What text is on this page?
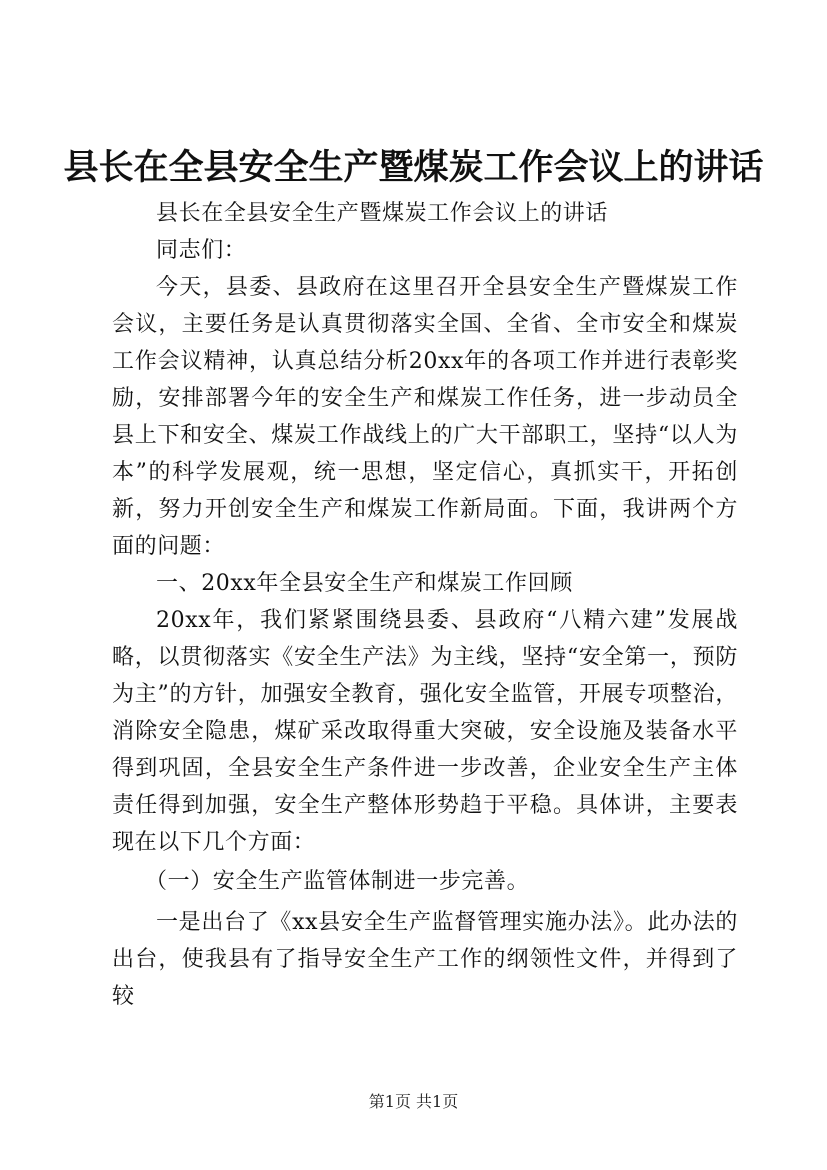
县长在全县安全生产暨煤炭工作会议上的讲话

县长在全县安全生产暨煤炭工作会议上的讲话

同志们：

今天，县委、县政府在这里召开全县安全生产暨煤炭工作会议，主要任务是认真贯彻落实全国、全省、全市安全和煤炭工作会议精神，认真总结分析20xx年的各项工作并进行表彰奖励，安排部署今年的安全生产和煤炭工作任务，进一步动员全县上下和安全、煤炭工作战线上的广大干部职工，坚持“以人为本”的科学发展观，统一思想，坚定信心，真抓实干，开拓创新，努力开创安全生产和煤炭工作新局面。下面，我讲两个方面的问题：

一、20xx年全县安全生产和煤炭工作回顾

20xx年，我们紧紧围绕县委、县政府“八精六建”发展战略，以贯彻落实《安全生产法》为主线，坚持“安全第一，预防为主”的方针，加强安全教育，强化安全监管，开展专项整治，消除安全隐患，煤矿采改取得重大突破，安全设施及装备水平得到巩固，全县安全生产条件进一步改善，企业安全生产主体责任得到加强，安全生产整体形势趋于平稳。具体讲，主要表现在以下几个方面：

（一）安全生产监管体制进一步完善。

一是出台了《xx县安全生产监督管理实施办法》。此办法的出台，使我县有了指导安全生产工作的纲领性文件，并得到了较

第1页 共1页
